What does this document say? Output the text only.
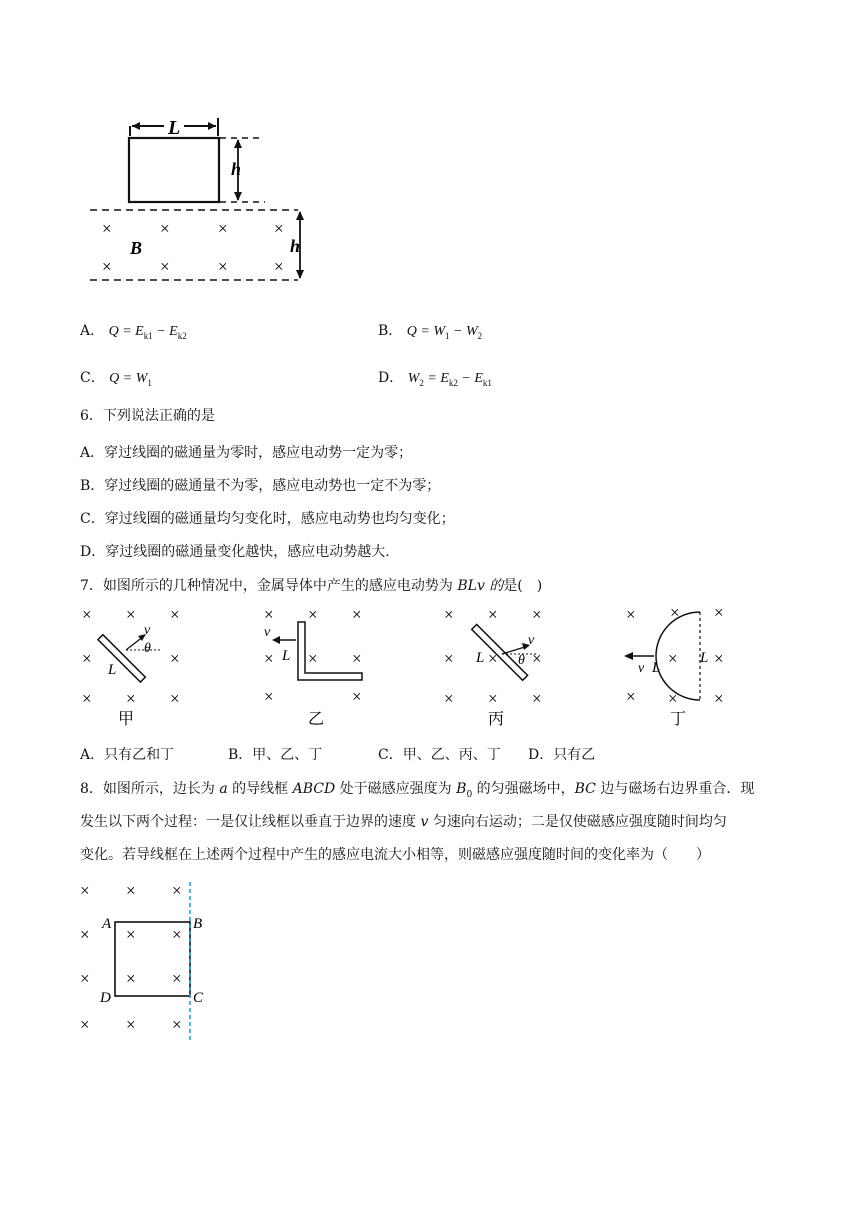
L
h
h
×	×	×	×
×	×	×	×
B
A． $Q = E_{k1} - E_{k2}$	B． $Q = W_1 - W_2$
C． $Q = W_1$	D． $W_2 = E_{k2} - E_{k1}$
6．下列说法正确的是
A．穿过线圈的磁通量为零时，感应电动势一定为零；
B．穿过线圈的磁通量不为零，感应电动势也一定不为零；
C．穿过线圈的磁通量均匀变化时，感应电动势也均匀变化；
D．穿过线圈的磁通量变化越快，感应电动势越大.
7．如图所示的几种情况中，金属导体中产生的感应电动势为 BLv 的是(　)
× × ×
×	×
× × ×
v
θ
L
甲
× × ×
× × ×
×	×
v
L
乙
× × ×
×	×
× × ×
×
v
θ
L
丙
× × ×
× ×
× × ×
v L
L
丁
A．只有乙和丁	B．甲、乙、丁	C．甲、乙、丙、丁 D．只有乙
8．如图所示，边长为 a 的导线框 ABCD 处于磁感应强度为 $B_0$ 的匀强磁场中，BC 边与磁场右边界重合．现
发生以下两个过程：一是仅让线框以垂直于边界的速度 v 匀速向右运动；二是仅使磁感应强度随时间均匀
变化。若导线框在上述两个过程中产生的感应电流大小相等，则磁感应强度随时间的变化率为（　　）
× × ×
× × ×
× × ×
× × ×
A	B
D	C
